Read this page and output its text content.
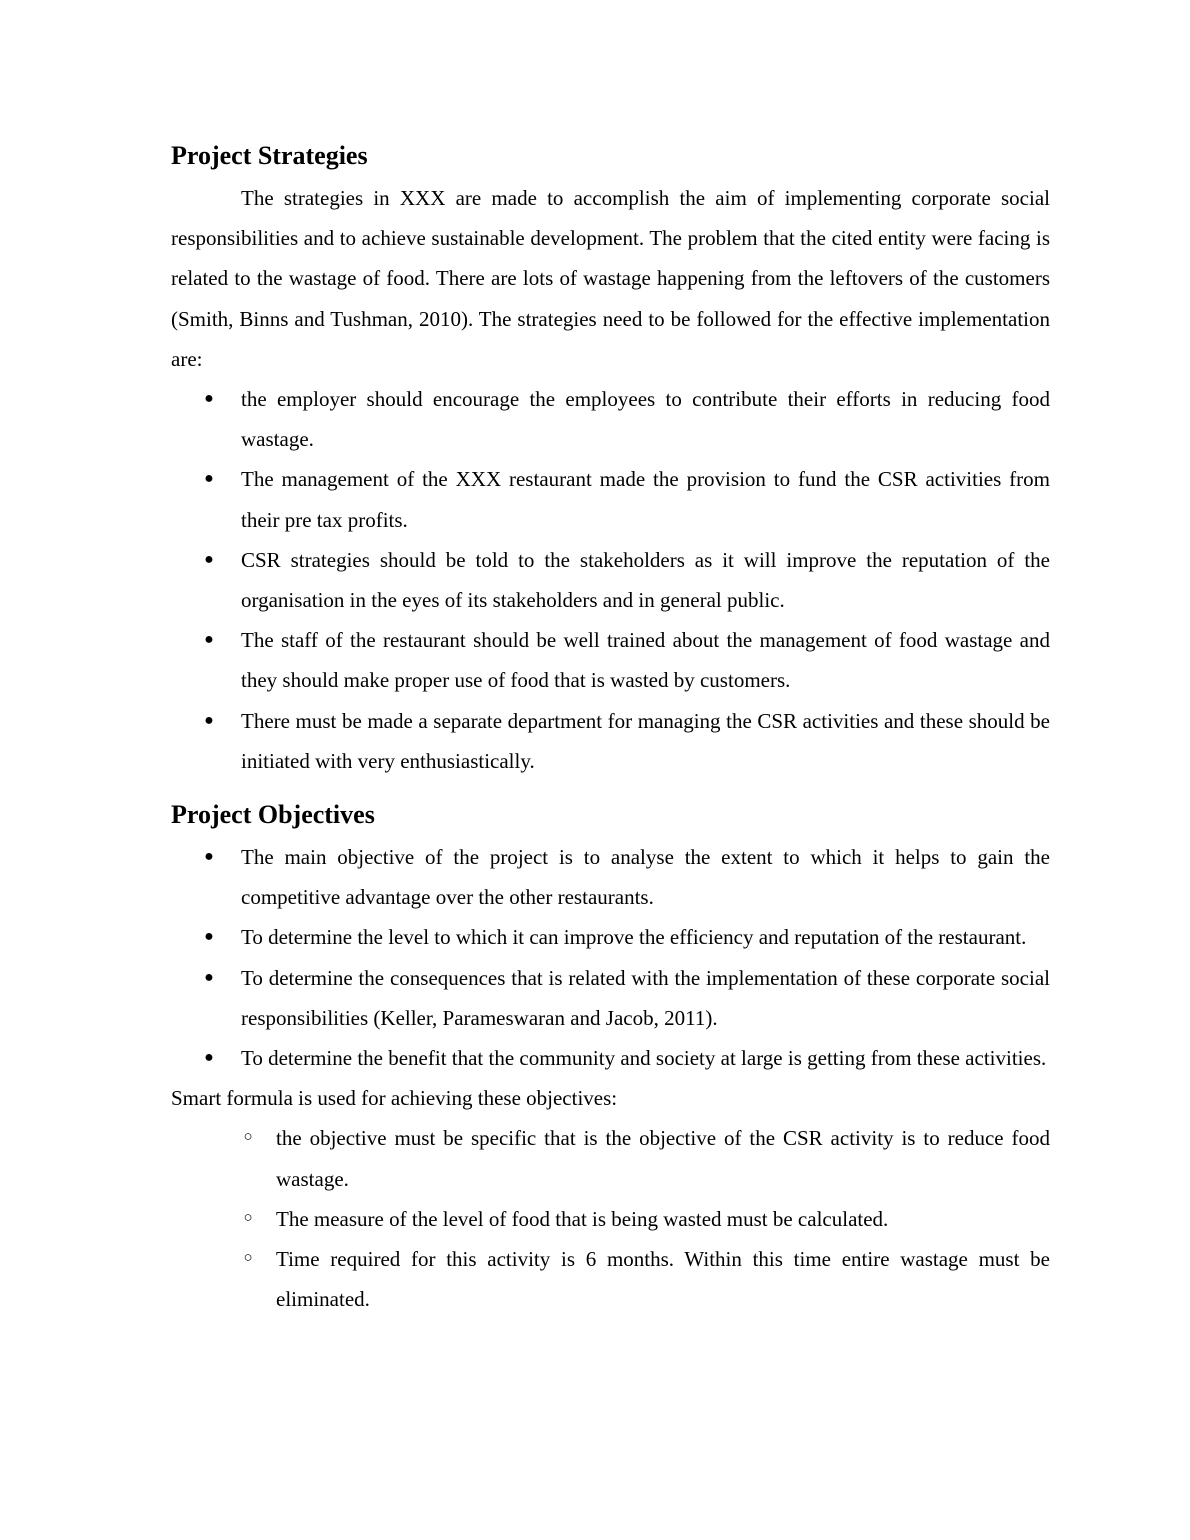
Project Strategies

The strategies in XXX are made to accomplish the aim of implementing corporate social responsibilities and to achieve sustainable development. The problem that the cited entity were facing is related to the wastage of food. There are lots of wastage happening from the leftovers of the customers (Smith, Binns and Tushman, 2010). The strategies need to be followed for the effective implementation are:

● the employer should encourage the employees to contribute their efforts in reducing food wastage.
● The management of the XXX restaurant made the provision to fund the CSR activities from their pre tax profits.
● CSR strategies should be told to the stakeholders as it will improve the reputation of the organisation in the eyes of its stakeholders and in general public.
● The staff of the restaurant should be well trained about the management of food wastage and they should make proper use of food that is wasted by customers.
● There must be made a separate department for managing the CSR activities and these should be initiated with very enthusiastically.
Project Objectives
● The main objective of the project is to analyse the extent to which it helps to gain the competitive advantage over the other restaurants.
● To determine the level to which it can improve the efficiency and reputation of the restaurant.
● To determine the consequences that is related with the implementation of these corporate social responsibilities (Keller, Parameswaran and Jacob, 2011).
● To determine the benefit that the community and society at large is getting from these activities.

Smart formula is used for achieving these objectives:

○ the objective must be specific that is the objective of the CSR activity is to reduce food wastage.
○ The measure of the level of food that is being wasted must be calculated.
○ Time required for this activity is 6 months. Within this time entire wastage must be eliminated.
